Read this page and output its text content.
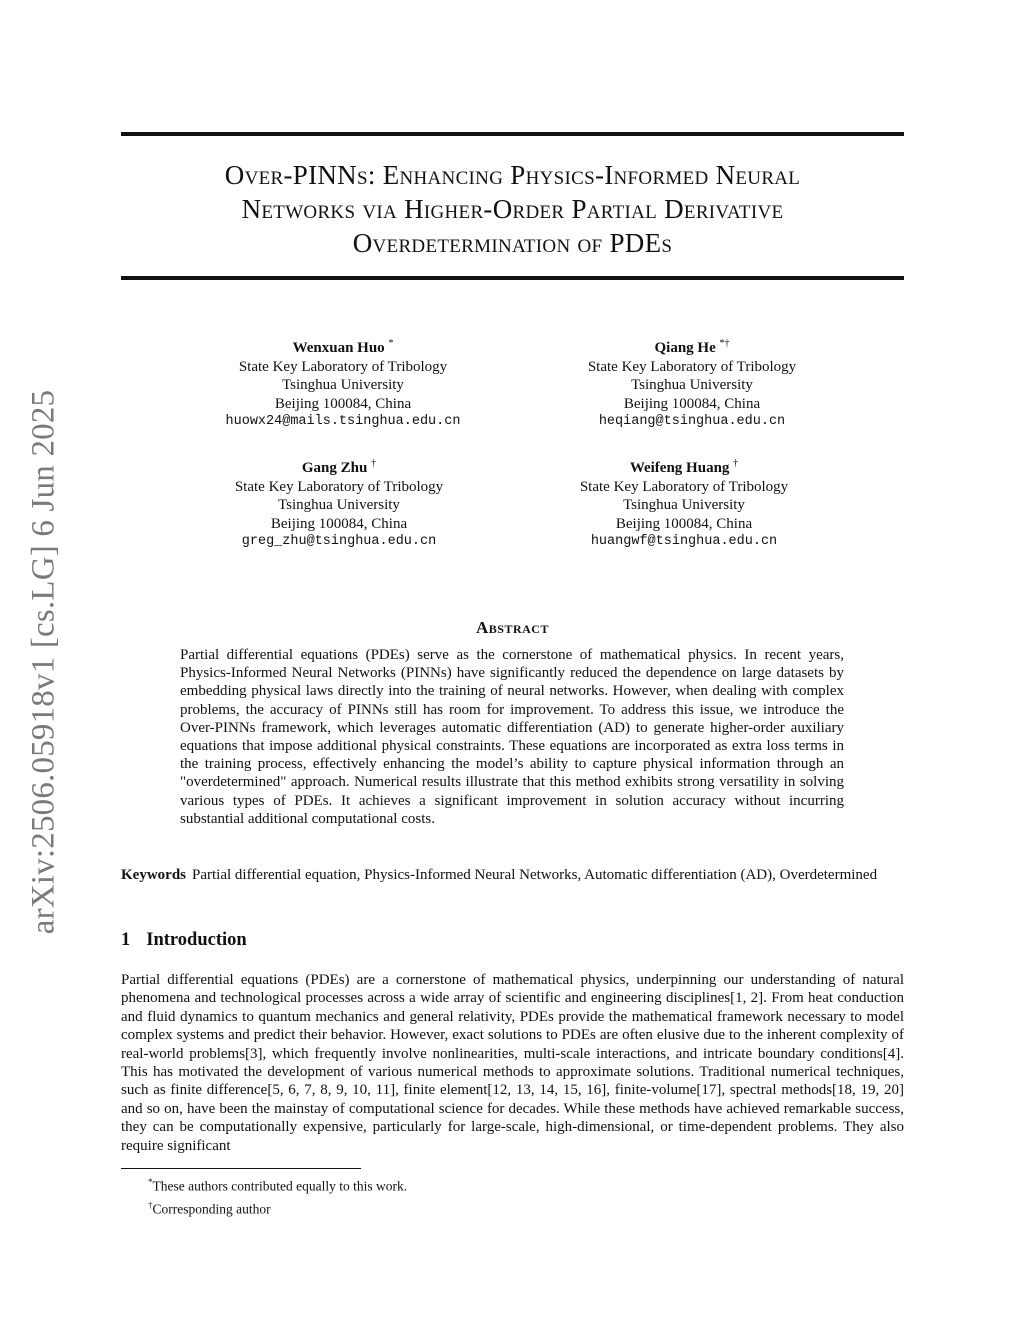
arXiv:2506.05918v1 [cs.LG] 6 Jun 2025
Over-PINNs: Enhancing Physics-Informed Neural
Networks via Higher-Order Partial Derivative
Overdetermination of PDEs
Wenxuan Huo *
State Key Laboratory of Tribology
Tsinghua University
Beijing 100084, China
huowx24@mails.tsinghua.edu.cn
Qiang He *†
State Key Laboratory of Tribology
Tsinghua University
Beijing 100084, China
heqiang@tsinghua.edu.cn
Gang Zhu †
State Key Laboratory of Tribology
Tsinghua University
Beijing 100084, China
greg_zhu@tsinghua.edu.cn
Weifeng Huang †
State Key Laboratory of Tribology
Tsinghua University
Beijing 100084, China
huangwf@tsinghua.edu.cn
Abstract
Partial differential equations (PDEs) serve as the cornerstone of mathematical physics. In recent years, Physics-Informed Neural Networks (PINNs) have significantly reduced the dependence on large datasets by embedding physical laws directly into the training of neural networks. However, when dealing with complex problems, the accuracy of PINNs still has room for improvement. To address this issue, we introduce the Over-PINNs framework, which leverages automatic differentiation (AD) to generate higher-order auxiliary equations that impose additional physical constraints. These equations are incorporated as extra loss terms in the training process, effectively enhancing the model’s ability to capture physical information through an "overdetermined" approach. Numerical results illustrate that this method exhibits strong versatility in solving various types of PDEs. It achieves a significant improvement in solution accuracy without incurring substantial additional computational costs.
Keywords Partial differential equation, Physics-Informed Neural Networks, Automatic differentiation (AD), Overdetermined
1 Introduction
Partial differential equations (PDEs) are a cornerstone of mathematical physics, underpinning our understanding of natural phenomena and technological processes across a wide array of scientific and engineering disciplines[1, 2]. From heat conduction and fluid dynamics to quantum mechanics and general relativity, PDEs provide the mathematical framework necessary to model complex systems and predict their behavior. However, exact solutions to PDEs are often elusive due to the inherent complexity of real-world problems[3], which frequently involve nonlinearities, multi-scale interactions, and intricate boundary conditions[4]. This has motivated the development of various numerical methods to approximate solutions. Traditional numerical techniques, such as finite difference[5, 6, 7, 8, 9, 10, 11], finite element[12, 13, 14, 15, 16], finite-volume[17], spectral methods[18, 19, 20] and so on, have been the mainstay of computational science for decades. While these methods have achieved remarkable success, they can be computationally expensive, particularly for large-scale, high-dimensional, or time-dependent problems. They also require significant
*These authors contributed equally to this work.
†Corresponding author
